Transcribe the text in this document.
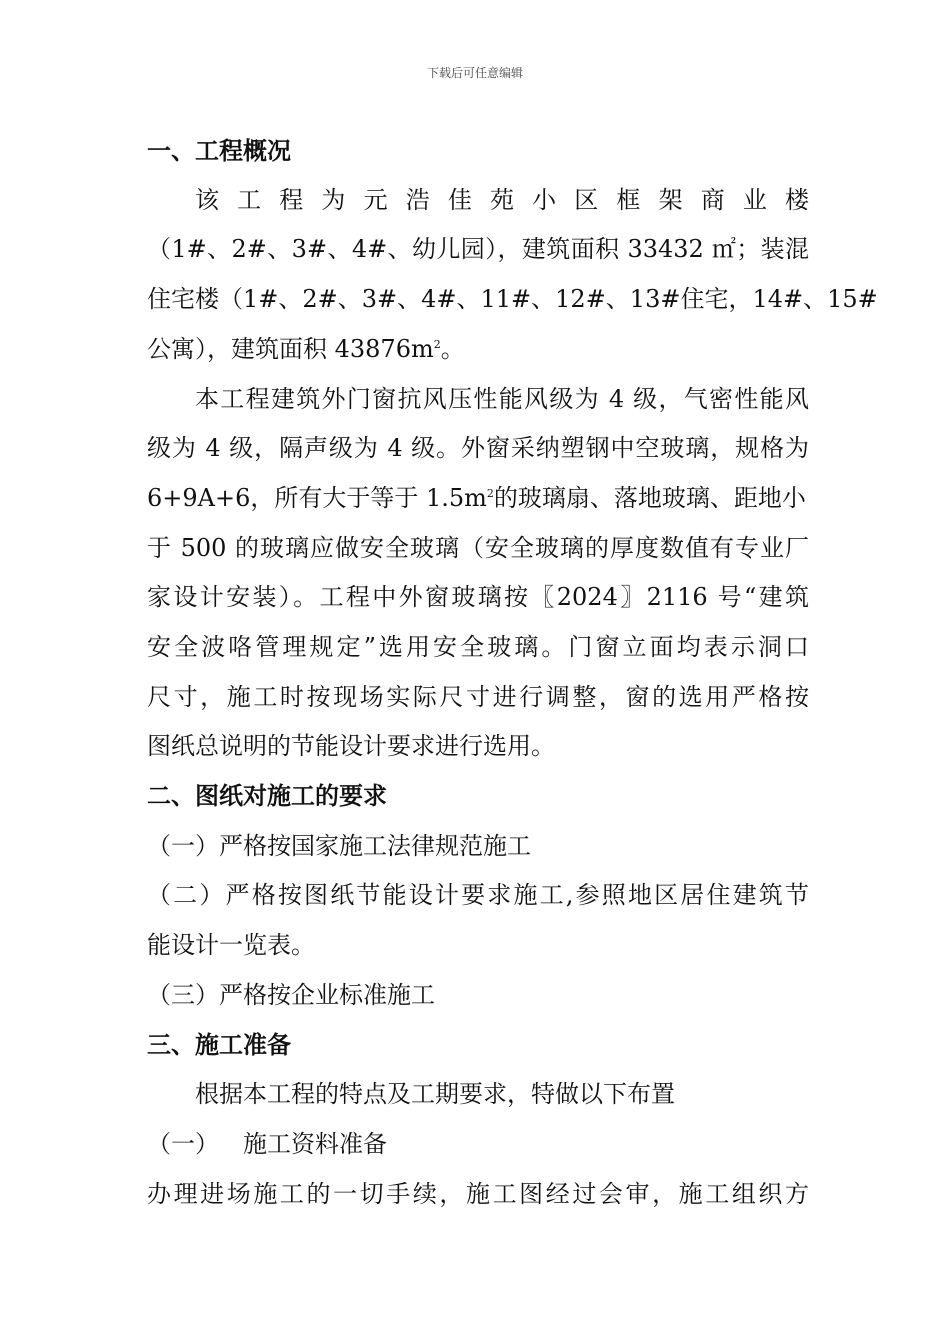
下载后可任意编辑
一、工程概况
该工程为元浩佳苑小区框架商业楼
（1#、2#、3#、4#、幼儿园），建筑面积 33432 ㎡；装混
住宅楼（1#、2#、3#、4#、11#、12#、13#住宅，14#、15#
公寓），建筑面积 $43876m^2$。
本工程建筑外门窗抗风压性能风级为 4 级，气密性能风
级为 4 级，隔声级为 4 级。外窗采纳塑钢中空玻璃，规格为
6+9A+6，所有大于等于 $1.5m^2$的玻璃扇、落地玻璃、距地小
于 500 的玻璃应做安全玻璃（安全玻璃的厚度数值有专业厂
家设计安装）。工程中外窗玻璃按〖2024〗2116 号“建筑
安全波咯管理规定”选用安全玻璃。门窗立面均表示洞口
尺寸，施工时按现场实际尺寸进行调整，窗的选用严格按
图纸总说明的节能设计要求进行选用。
二、图纸对施工的要求
（一）严格按国家施工法律规范施工
（二）严格按图纸节能设计要求施工,参照地区居住建筑节
能设计一览表。
（三）严格按企业标准施工
三、施工准备
根据本工程的特点及工期要求，特做以下布置
（一） 施工资料准备
办理进场施工的一切手续，施工图经过会审，施工组织方
